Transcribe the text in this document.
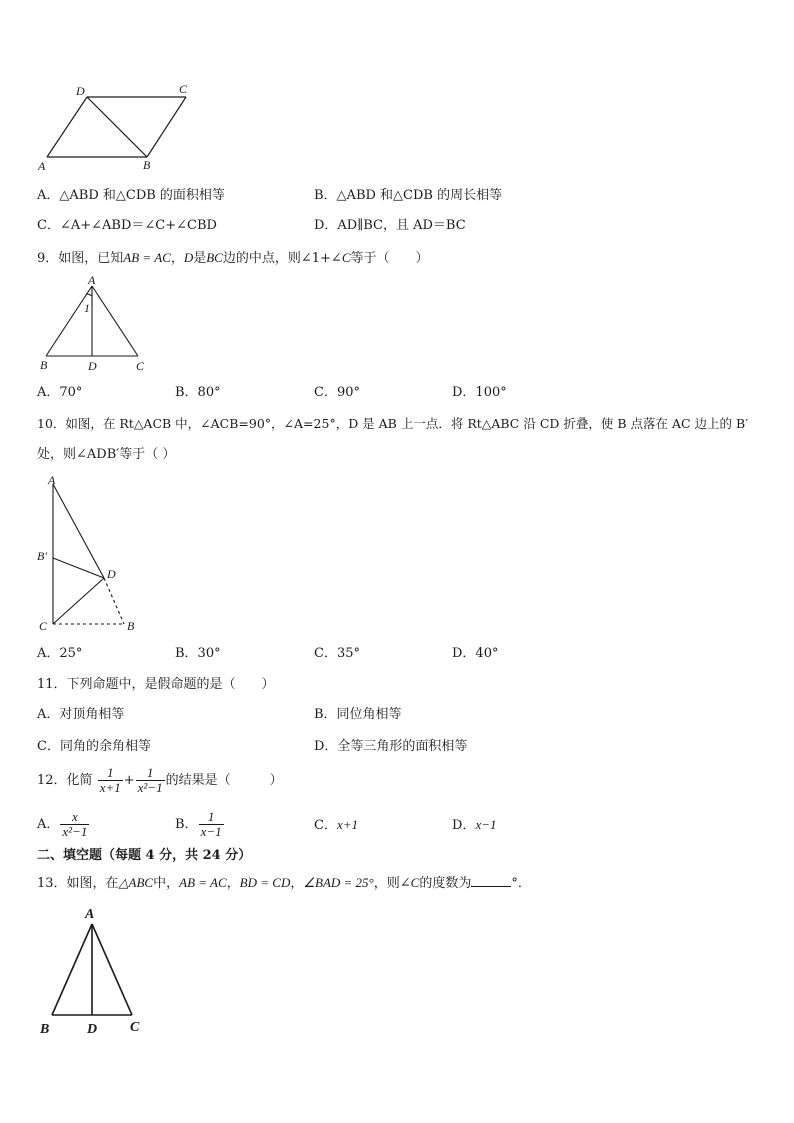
D	C
A	B
A．△ABD 和△CDB 的面积相等	B．△ABD 和△CDB 的周长相等
C．∠A+∠ABD＝∠C+∠CBD	D．AD∥BC，且 AD＝BC
9．如图，已知AB = AC，D是BC边的中点，则∠1+∠C等于（　　）
A
1
B	D	C
A．70°	B．80°	C．90°	D．100°
10．如图，在 Rt△ACB 中，∠ACB=90°，∠A=25°，D 是 AB 上一点．将 Rt△ABC 沿 CD 折叠，使 B 点落在 AC 边上的 B′
处，则∠ADB′等于（ ）
A
B′
D
C	B
A．25°	B．30°	C．35°	D．40°
11．下列命题中，是假命题的是（　　）
A．对顶角相等	B．同位角相等
C．同角的余角相等	D．全等三角形的面积相等
12．化简 $\frac{1}{x+1} + \frac{1}{\text{x²−1}}$ 的结果是（　　　）
A． $\frac{x}{\text{x²−1}}$	B． $\frac{1}{x-1}$	C．x+1	D．x−1
二、填空题（每题 4 分，共 24 分）
13．如图，在△ABC中，AB = AC，BD = CD，∠BAD = 25°，则∠C的度数为	°．
A
B	D C
